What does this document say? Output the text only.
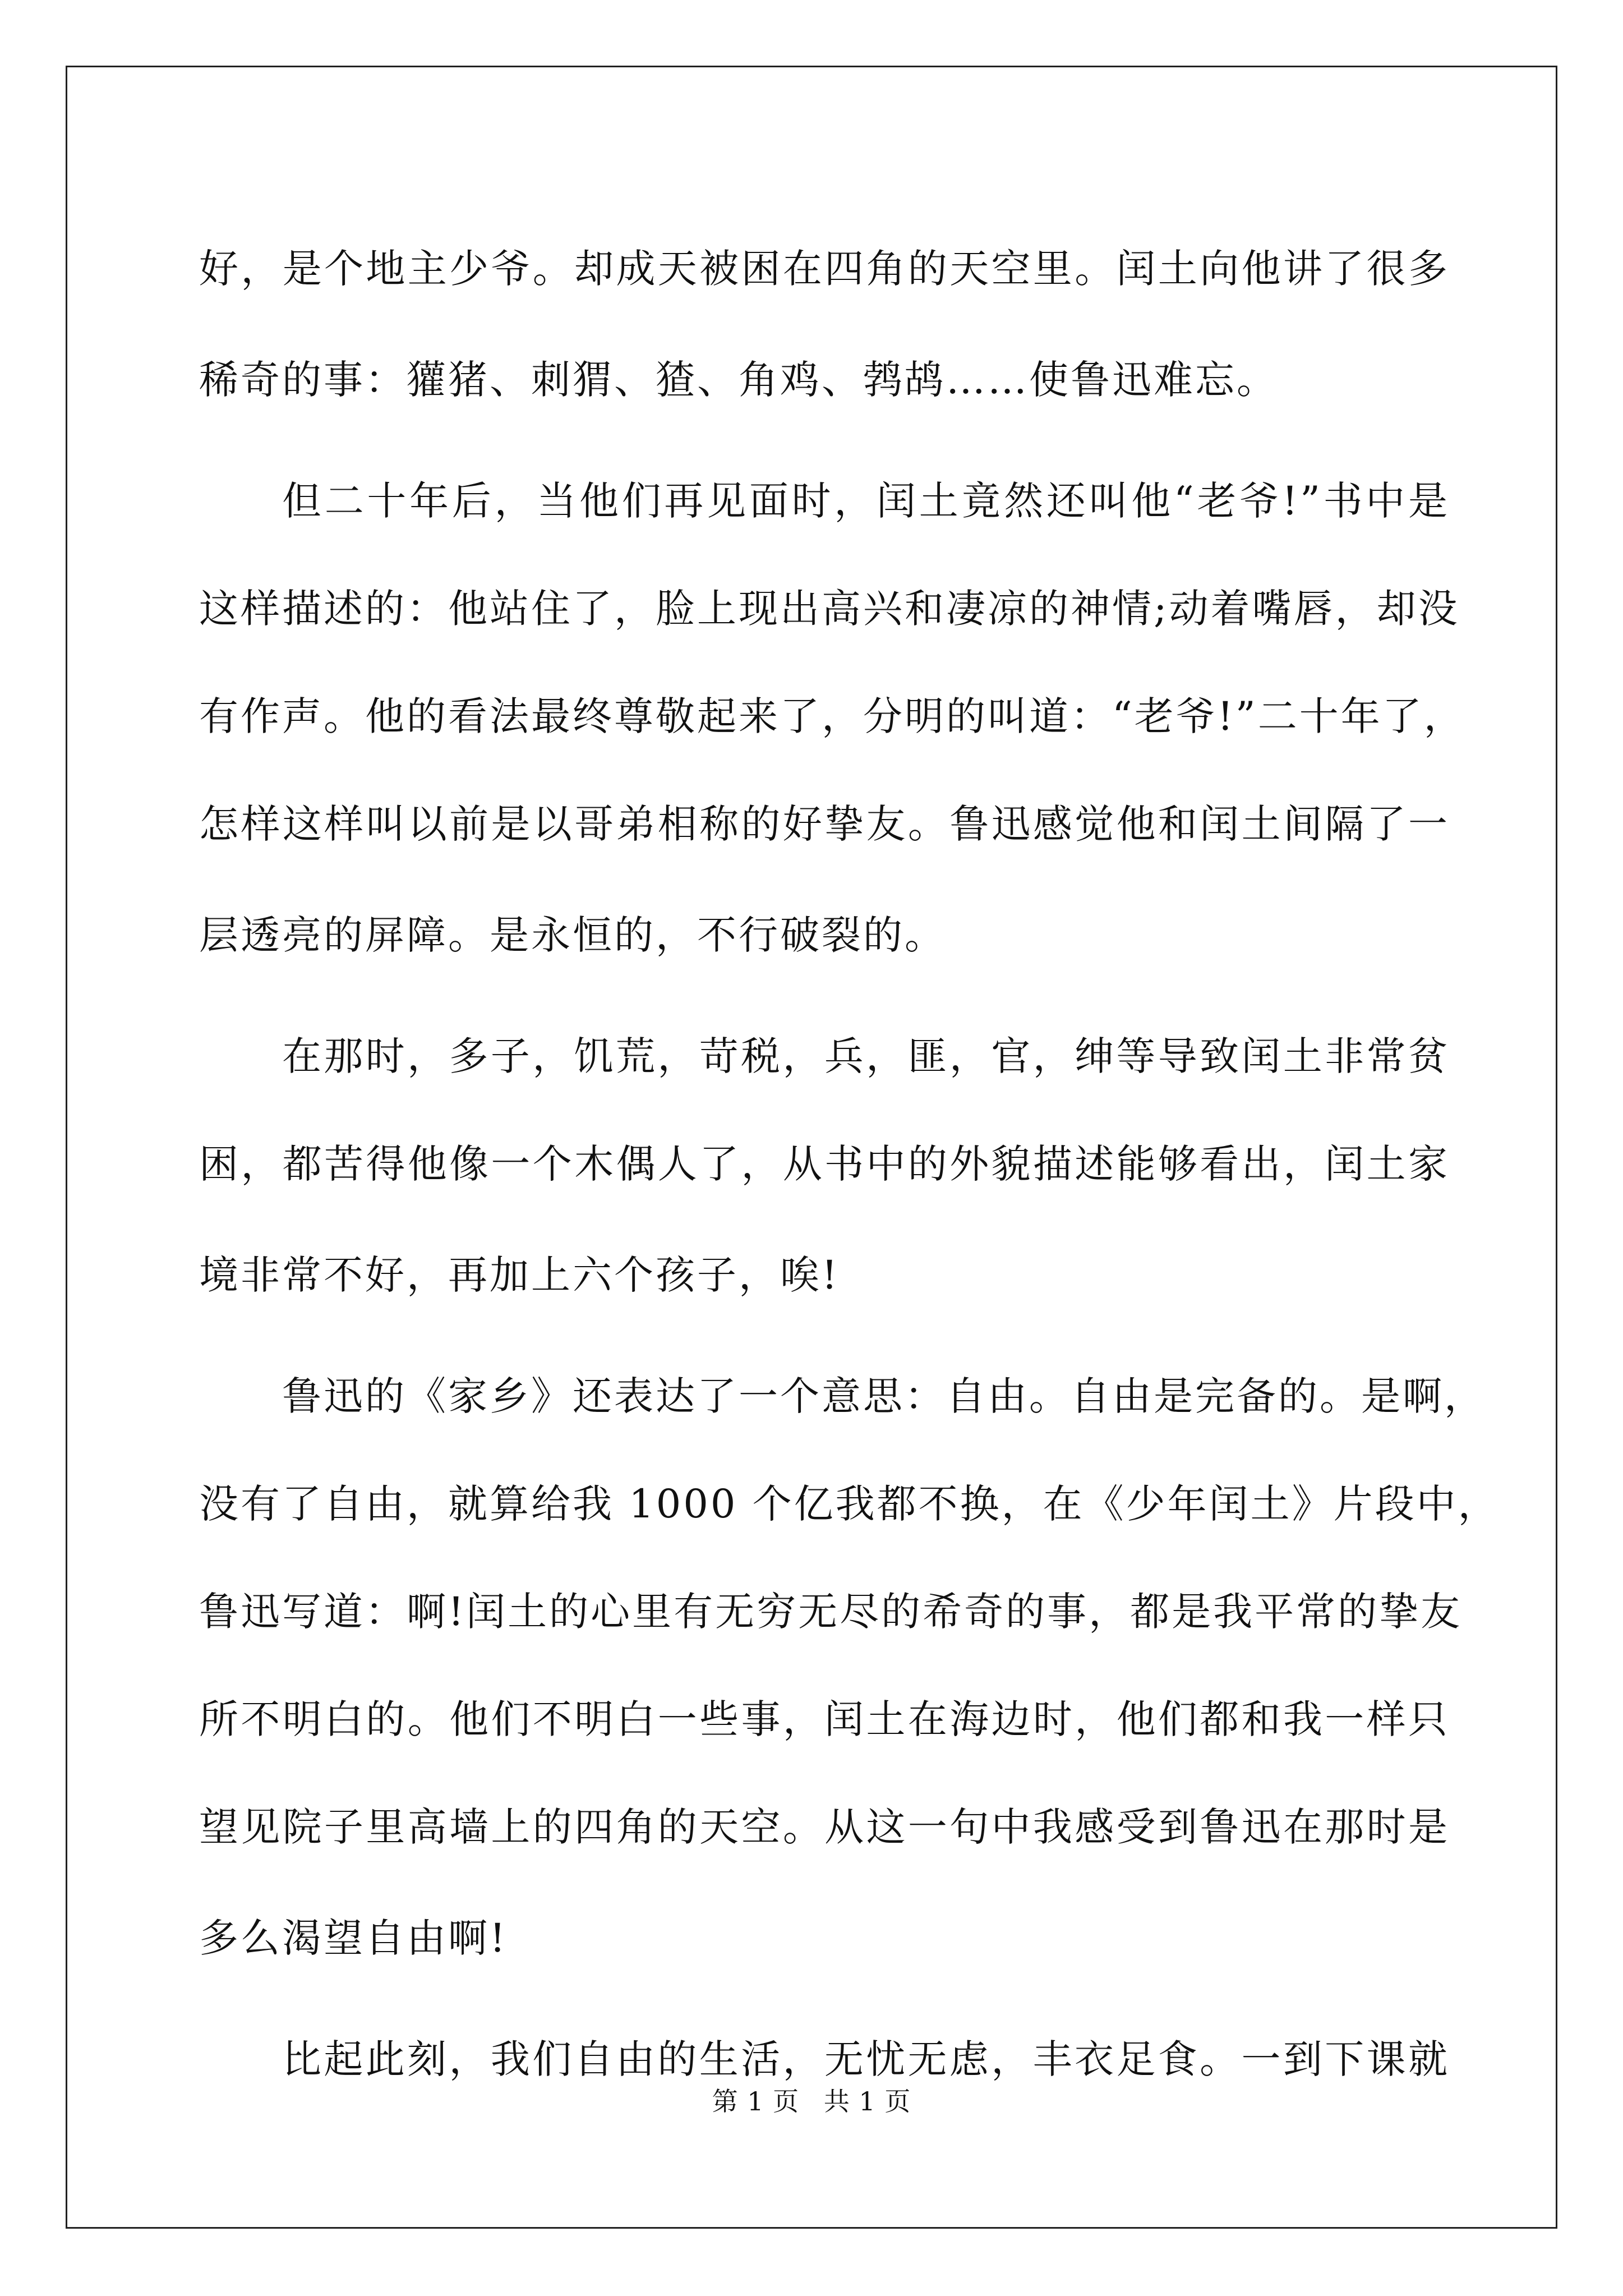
好，是个地主少爷。却成天被困在四角的天空里。闰土向他讲了很多
稀奇的事：獾猪、刺猬、猹、角鸡、鹁鸪……使鲁迅难忘。
但二十年后，当他们再见面时，闰土竟然还叫他“老爷!”书中是
这样描述的：他站住了，脸上现出高兴和凄凉的神情;动着嘴唇，却没
有作声。他的看法最终尊敬起来了，分明的叫道：“老爷!”二十年了，
怎样这样叫以前是以哥弟相称的好挚友。鲁迅感觉他和闰土间隔了一
层透亮的屏障。是永恒的，不行破裂的。
在那时，多子，饥荒，苛税，兵，匪，官，绅等导致闰土非常贫
困，都苦得他像一个木偶人了，从书中的外貌描述能够看出，闰土家
境非常不好，再加上六个孩子，唉!
鲁迅的《家乡》还表达了一个意思：自由。自由是完备的。是啊，
没有了自由，就算给我 1000 个亿我都不换，在《少年闰土》片段中，
鲁迅写道：啊!闰土的心里有无穷无尽的希奇的事，都是我平常的挚友
所不明白的。他们不明白一些事，闰土在海边时，他们都和我一样只
望见院子里高墙上的四角的天空。从这一句中我感受到鲁迅在那时是
多么渴望自由啊!
比起此刻，我们自由的生活，无忧无虑，丰衣足食。一到下课就
第 1 页 共 1 页
